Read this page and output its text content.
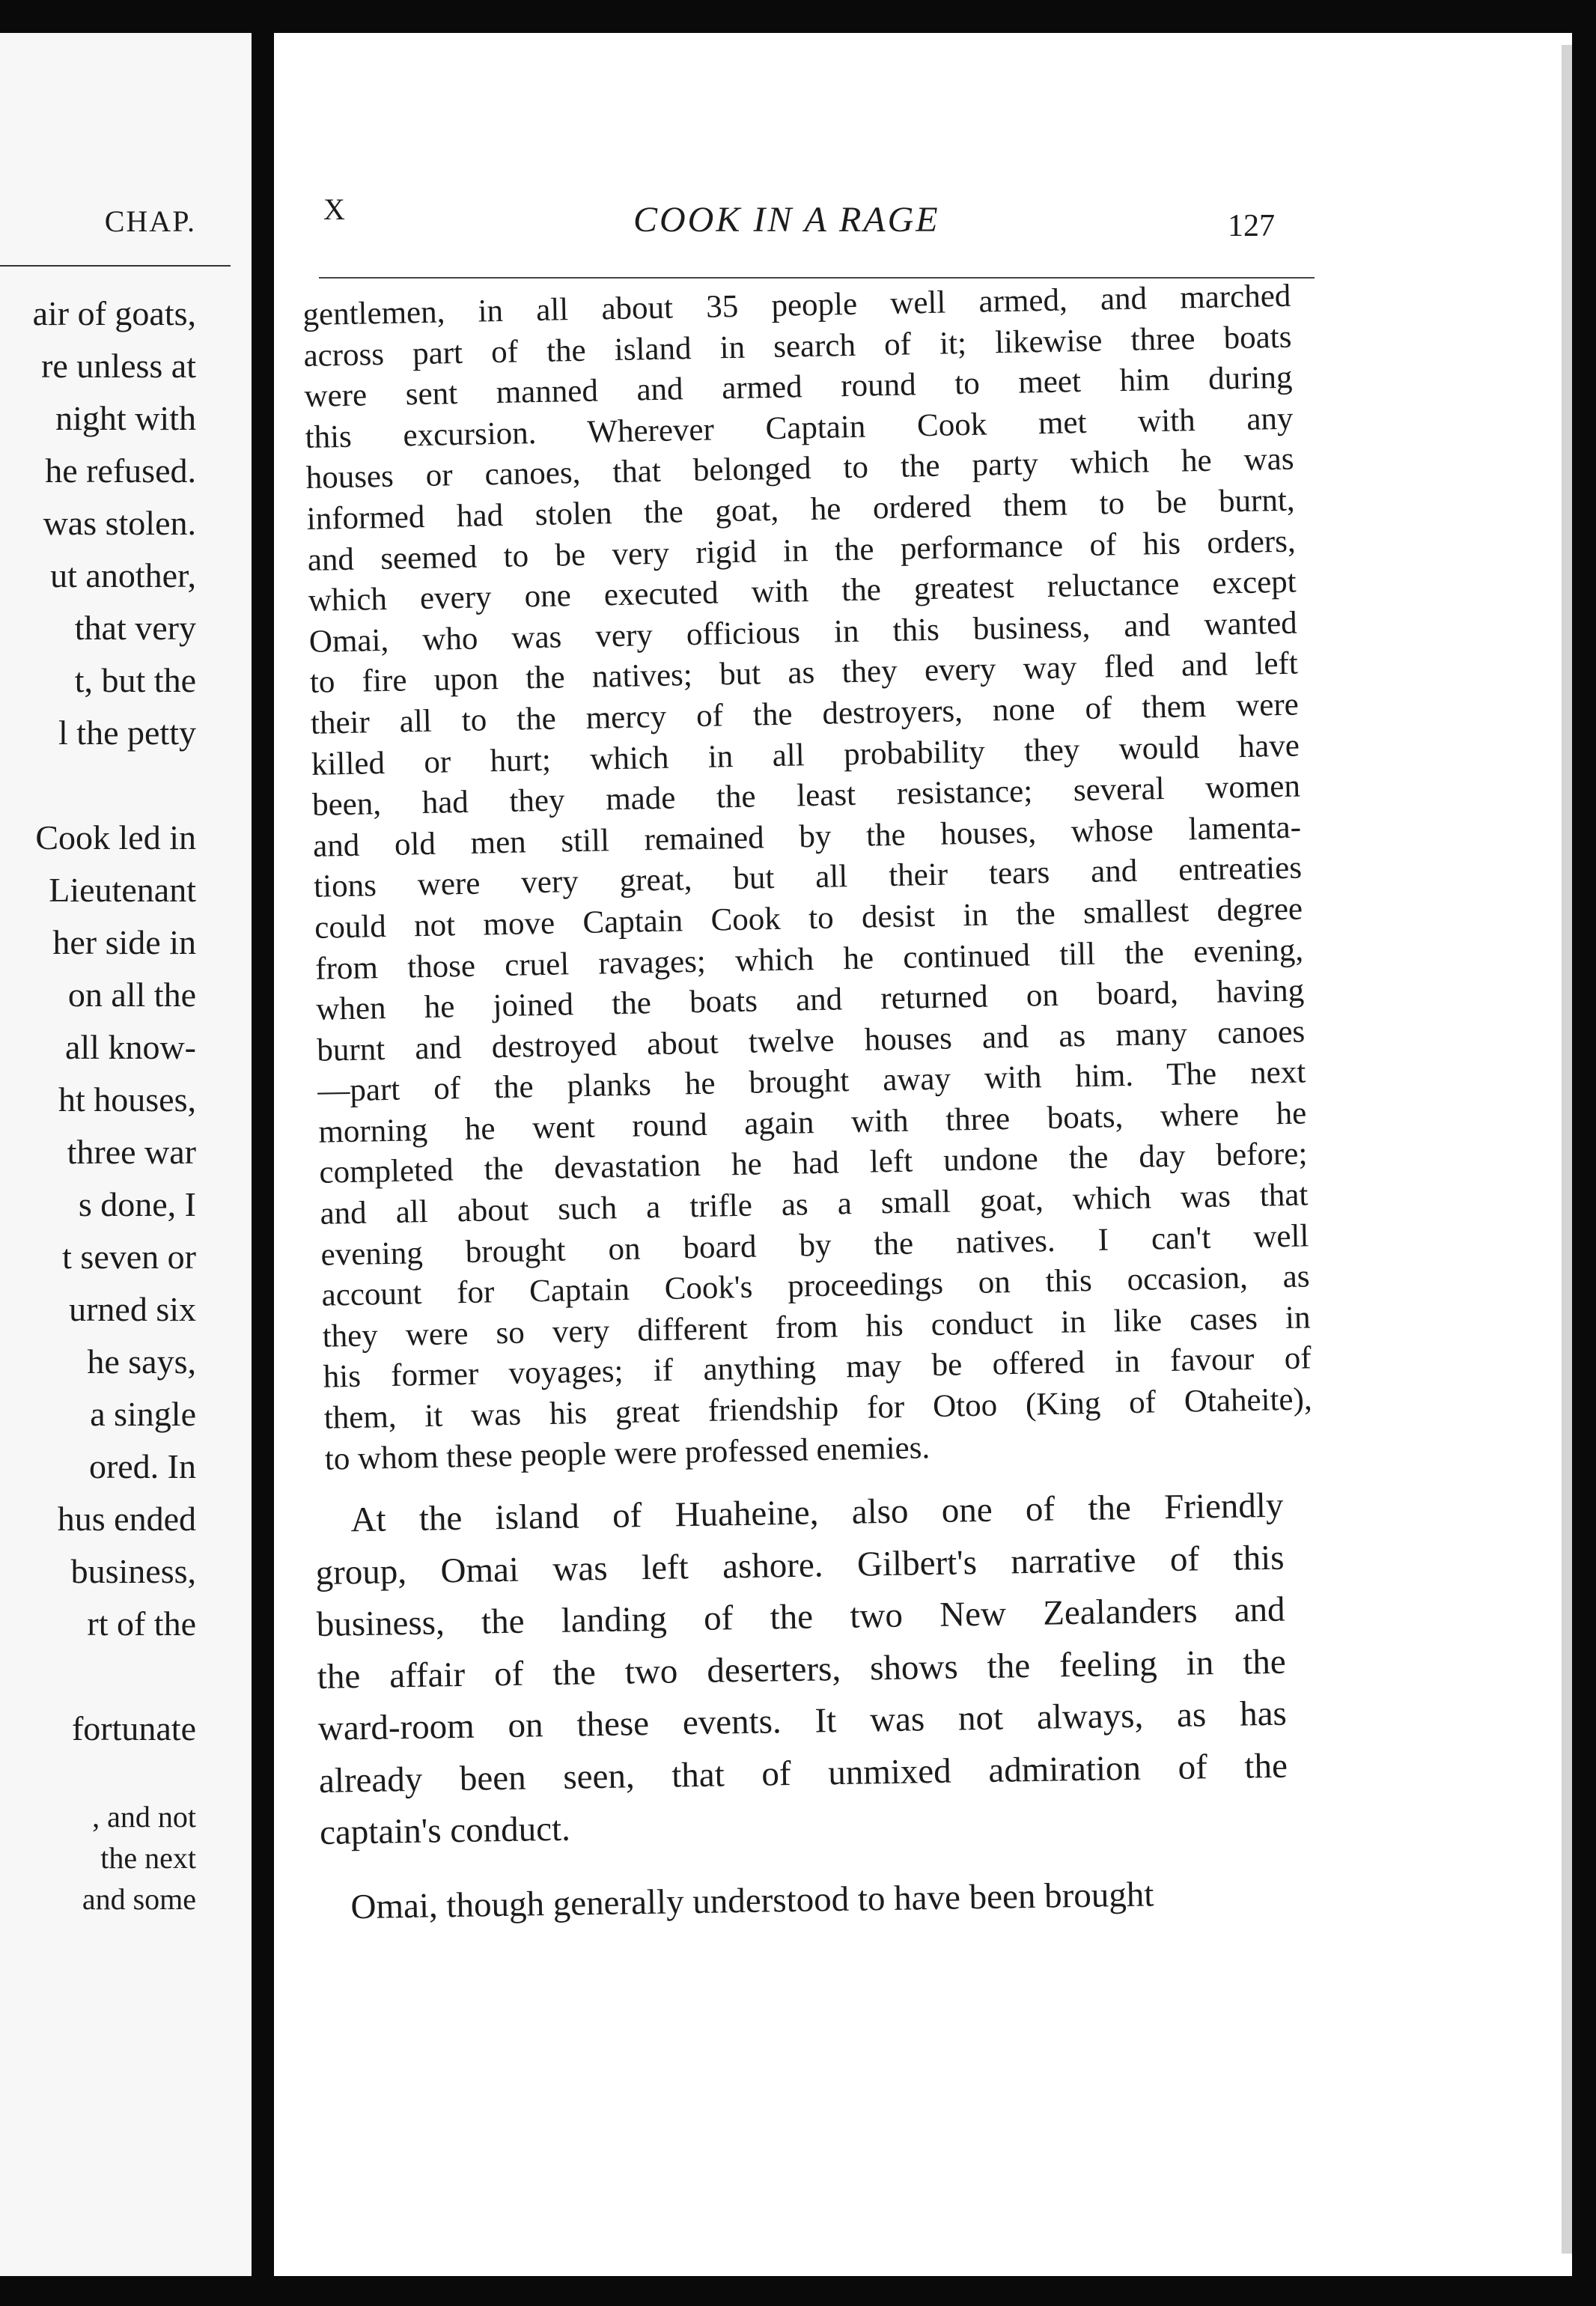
CHAP.
air of goats,
re unless at
night with
he refused.
was stolen.
ut another,
that very
t, but the
l the petty

Cook led in
Lieutenant
her side in
on all the
all know-
ht houses,
three war
s done, I
t seven or
urned six
he says,
a single
ored. In
hus ended
business,
rt of the

fortunate

, and not
the next
and some
X	COOK IN A RAGE	127
gentlemen, in all about 35 people well armed, and marched
across part of the island in search of it; likewise three boats
were sent manned and armed round to meet him during
this excursion. Wherever Captain Cook met with any
houses or canoes, that belonged to the party which he was
informed had stolen the goat, he ordered them to be burnt,
and seemed to be very rigid in the performance of his orders,
which every one executed with the greatest reluctance except
Omai, who was very officious in this business, and wanted
to fire upon the natives; but as they every way fled and left
their all to the mercy of the destroyers, none of them were
killed or hurt; which in all probability they would have
been, had they made the least resistance; several women
and old men still remained by the houses, whose lamenta-
tions were very great, but all their tears and entreaties
could not move Captain Cook to desist in the smallest degree
from those cruel ravages; which he continued till the evening,
when he joined the boats and returned on board, having
burnt and destroyed about twelve houses and as many canoes
—part of the planks he brought away with him. The next
morning he went round again with three boats, where he
completed the devastation he had left undone the day before;
and all about such a trifle as a small goat, which was that
evening brought on board by the natives. I can't well
account for Captain Cook's proceedings on this occasion, as
they were so very different from his conduct in like cases in
his former voyages; if anything may be offered in favour of
them, it was his great friendship for Otoo (King of Otaheite),
to whom these people were professed enemies.
At the island of Huaheine, also one of the Friendly
group, Omai was left ashore. Gilbert's narrative of this
business, the landing of the two New Zealanders and
the affair of the two deserters, shows the feeling in the
ward-room on these events. It was not always, as has
already been seen, that of unmixed admiration of the
captain's conduct.
Omai, though generally understood to have been brought
